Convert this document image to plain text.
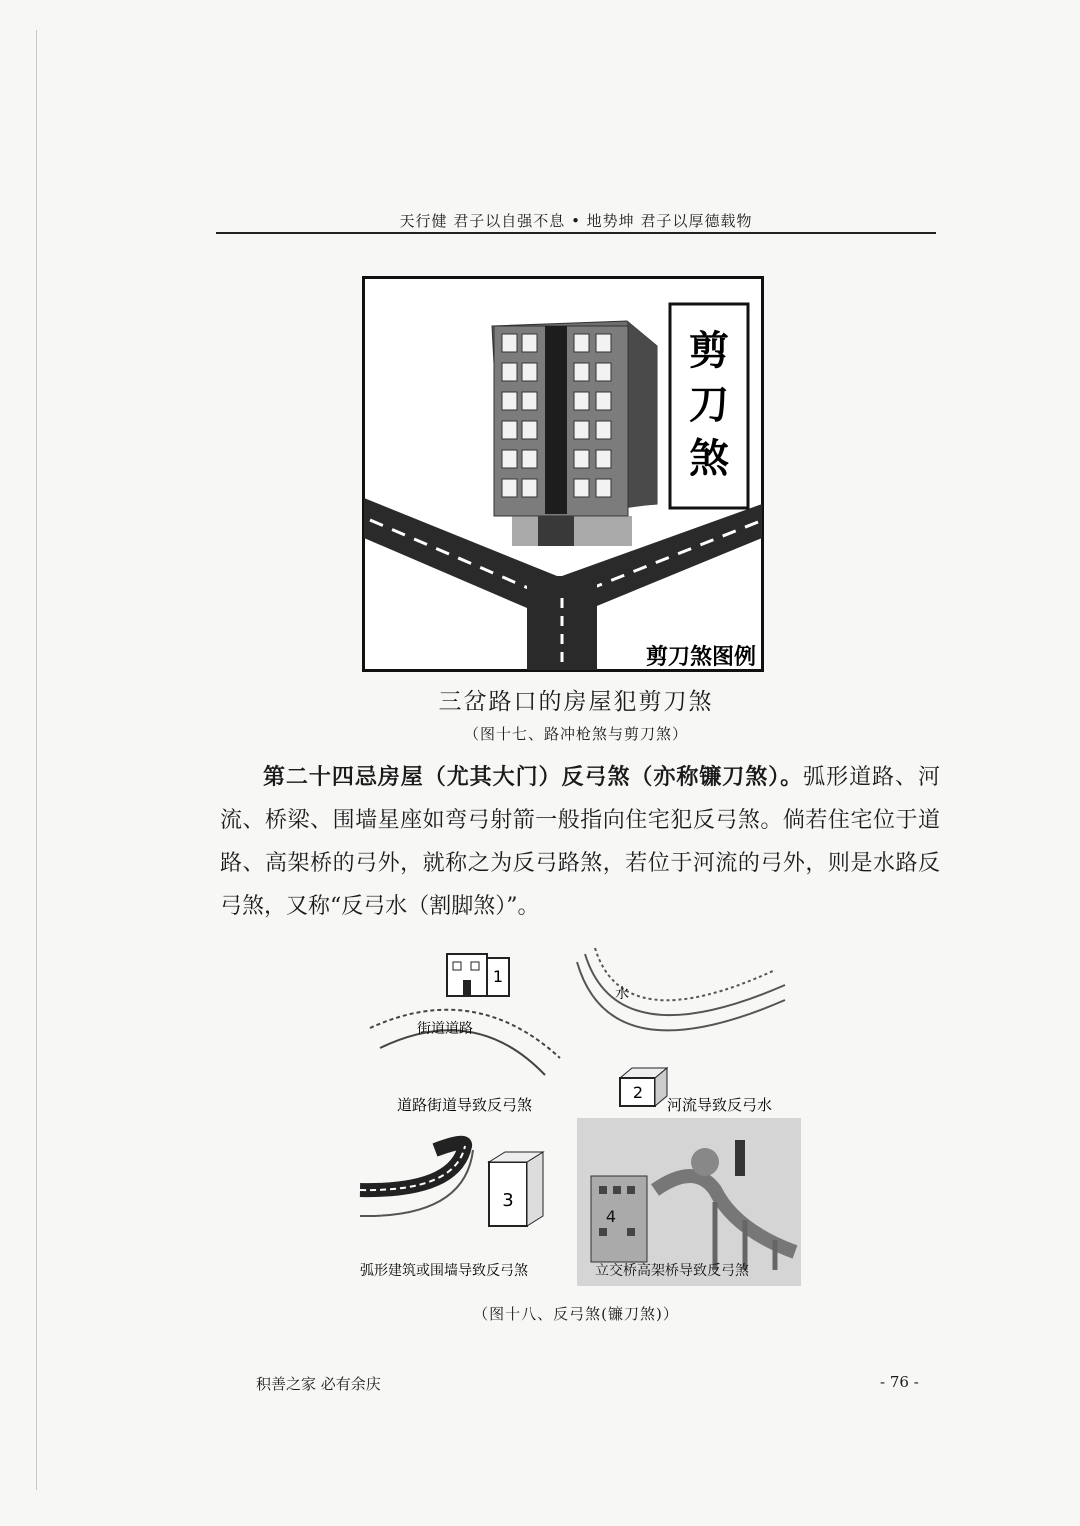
天行健 君子以自强不息 • 地势坤 君子以厚德载物
剪
刀
煞
剪刀煞图例
三岔路口的房屋犯剪刀煞
（图十七、路冲枪煞与剪刀煞）
第二十四忌房屋（尤其大门）反弓煞（亦称镰刀煞）。弧形道路、河流、桥梁、围墙星座如弯弓射箭一般指向住宅犯反弓煞。倘若住宅位于道路、高架桥的弓外，就称之为反弓路煞，若位于河流的弓外，则是水路反弓煞，又称“反弓水（割脚煞）”。
1
街道道路
道路街道导致反弓煞
水
2
河流导致反弓水
3
弧形建筑或围墙导致反弓煞
4
立交桥高架桥导致反弓煞
（图十八、反弓煞(镰刀煞)）
积善之家 必有余庆	- 76 -
